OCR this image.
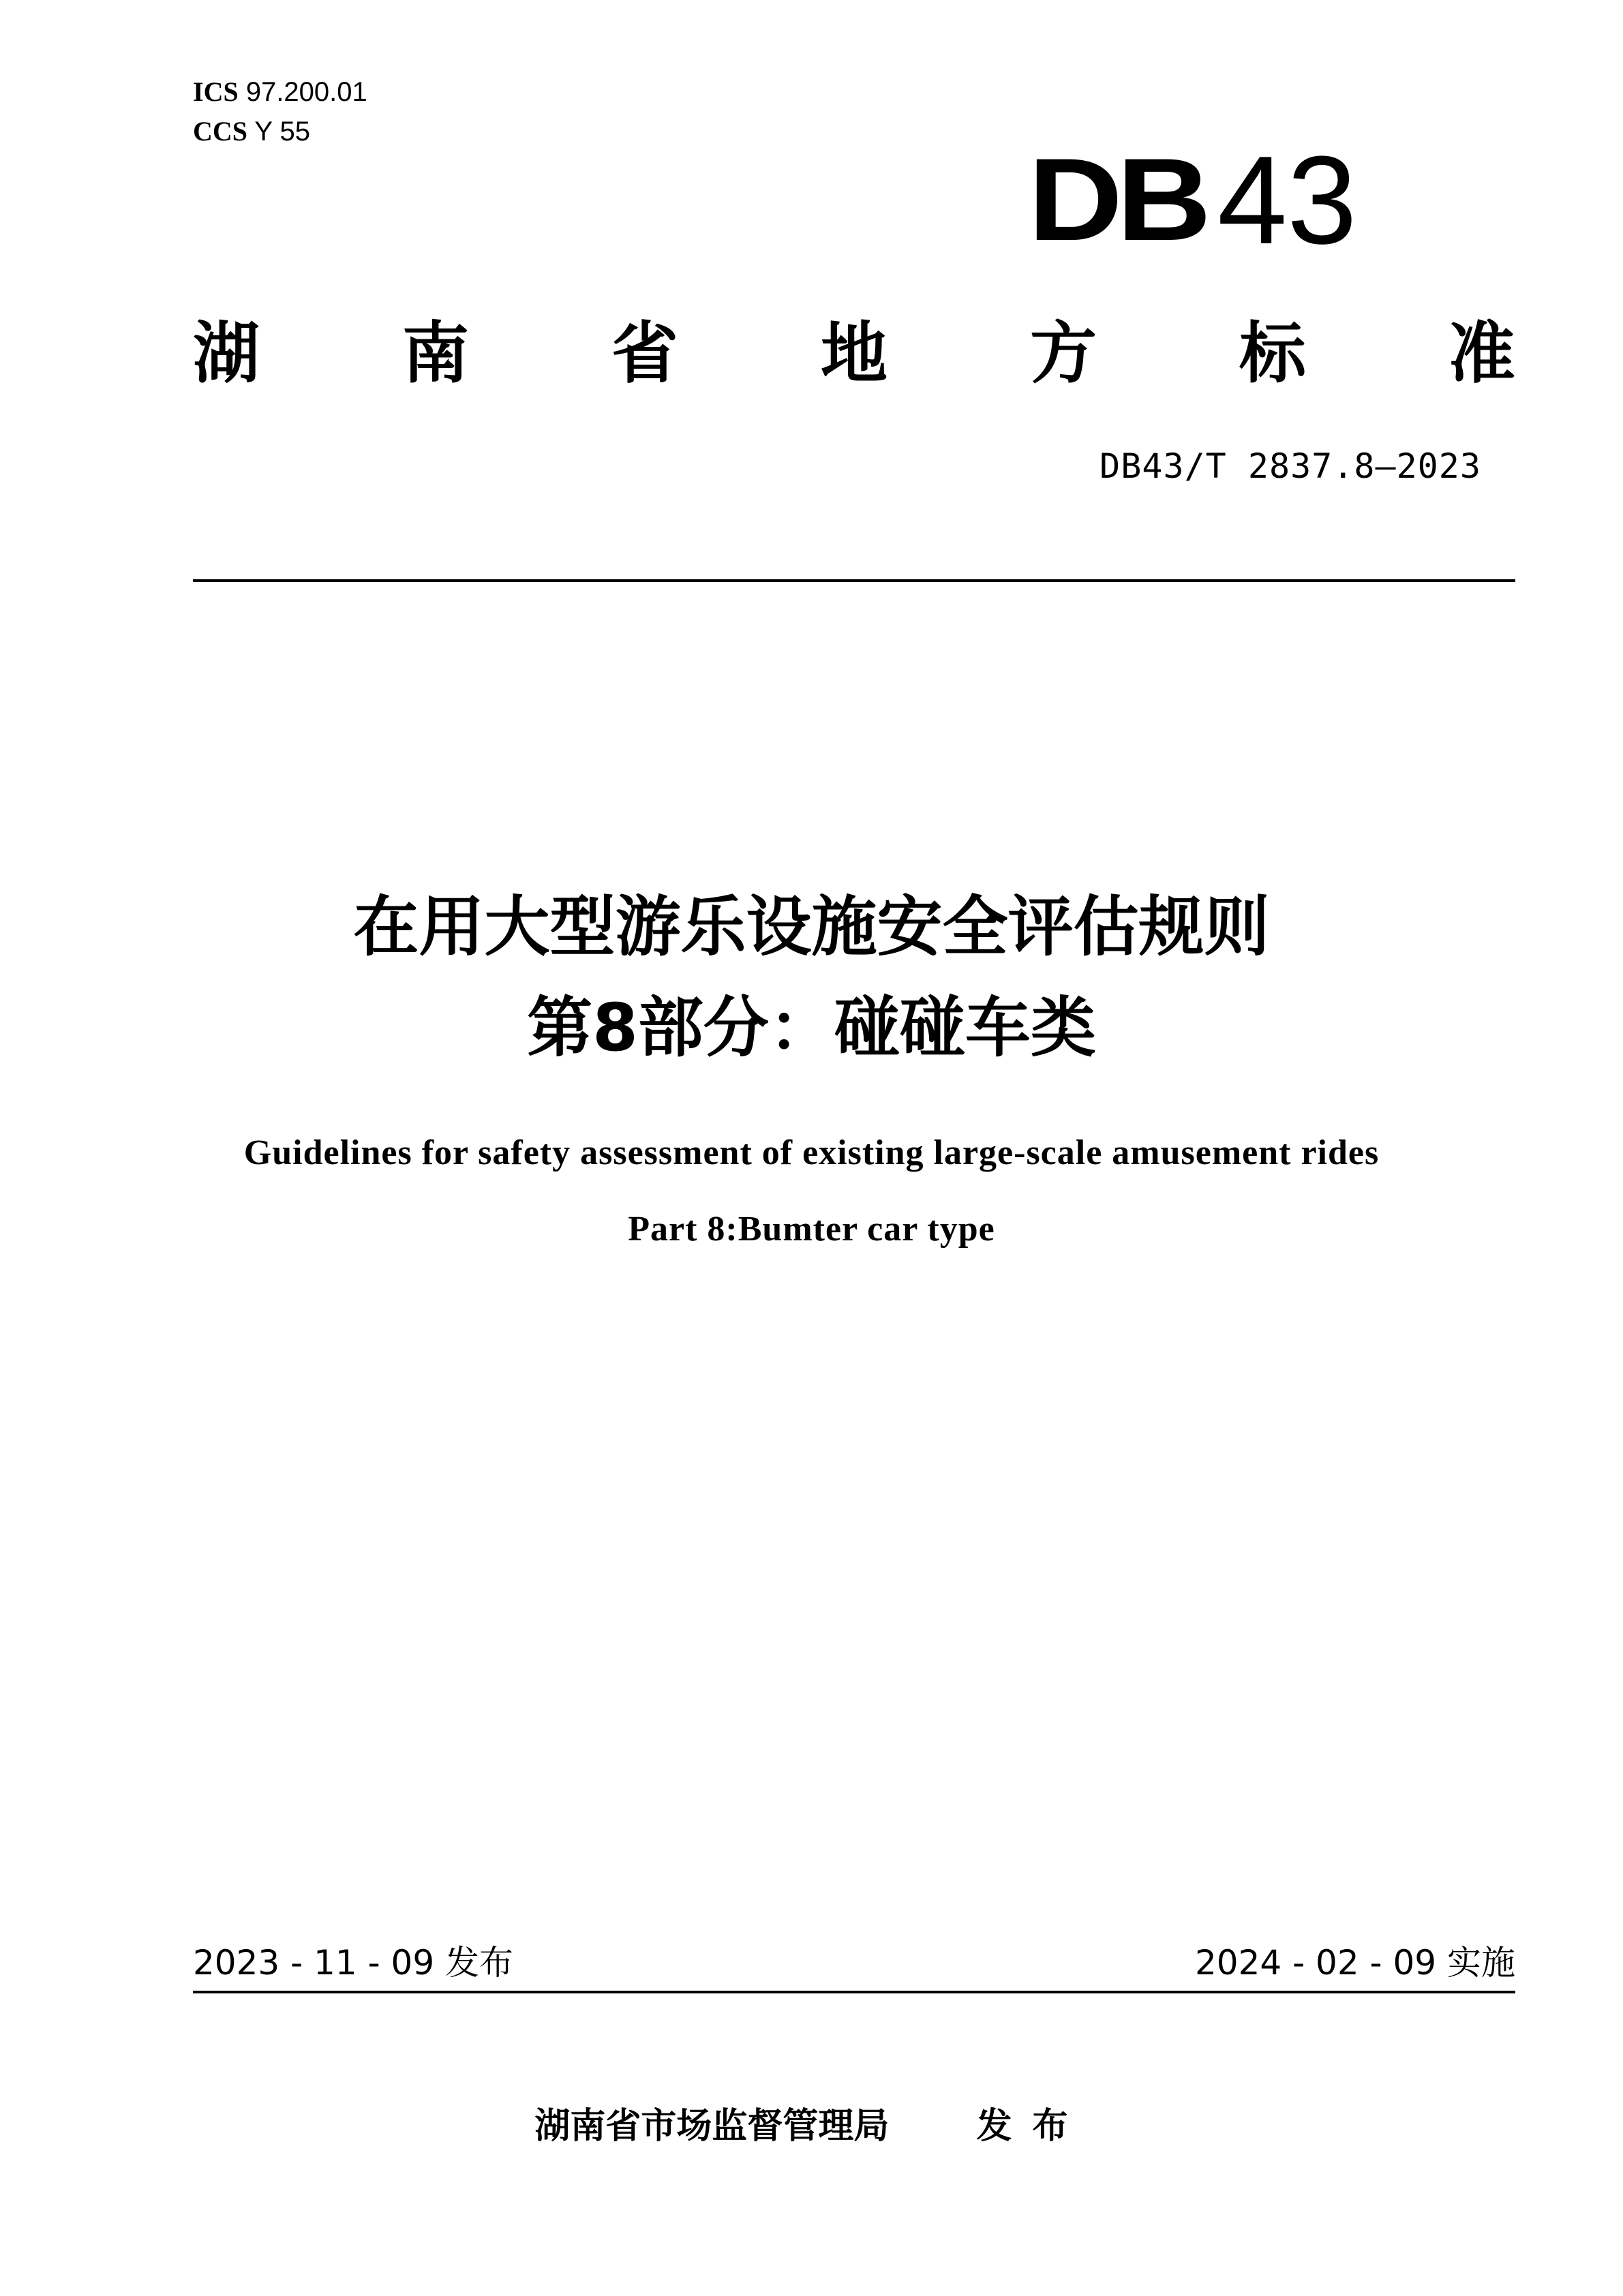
ICS 97.200.01
CCS Y 55
DB 43
湖 南 省 地 方 标 准
DB43/T 2837.8—2023
在用大型游乐设施安全评估规则
第8部分：碰碰车类
Guidelines for safety assessment of existing large-scale amusement rides
Part 8:Bumter car type
2023 - 11 - 09 发布	2024 - 02 - 09 实施
湖南省市场监督管理局 发布
